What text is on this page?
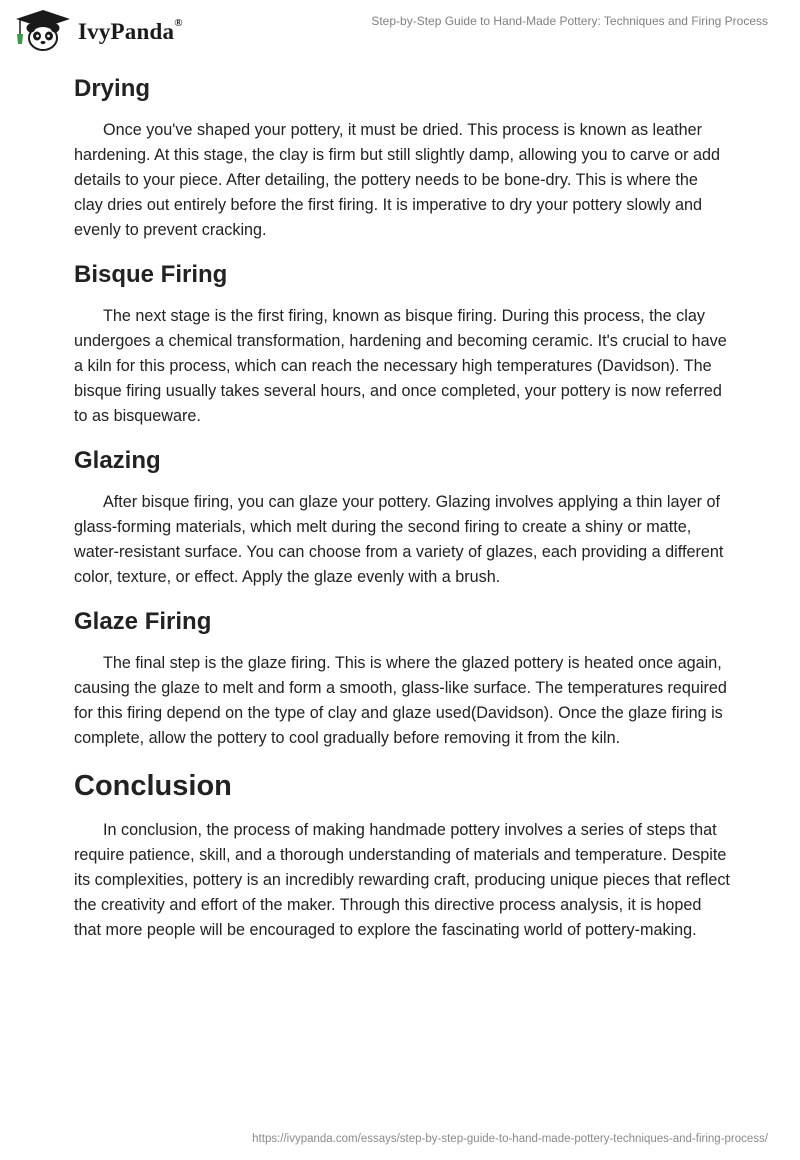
IvyPanda®	Step-by-Step Guide to Hand-Made Pottery: Techniques and Firing Process
Drying

Once you've shaped your pottery, it must be dried. This process is known as leather hardening. At this stage, the clay is firm but still slightly damp, allowing you to carve or add details to your piece. After detailing, the pottery needs to be bone-dry. This is where the clay dries out entirely before the first firing. It is imperative to dry your pottery slowly and evenly to prevent cracking.

Bisque Firing

The next stage is the first firing, known as bisque firing. During this process, the clay undergoes a chemical transformation, hardening and becoming ceramic. It's crucial to have a kiln for this process, which can reach the necessary high temperatures (Davidson). The bisque firing usually takes several hours, and once completed, your pottery is now referred to as bisqueware.

Glazing

After bisque firing, you can glaze your pottery. Glazing involves applying a thin layer of glass-forming materials, which melt during the second firing to create a shiny or matte, water-resistant surface. You can choose from a variety of glazes, each providing a different color, texture, or effect. Apply the glaze evenly with a brush.

Glaze Firing

The final step is the glaze firing. This is where the glazed pottery is heated once again, causing the glaze to melt and form a smooth, glass-like surface. The temperatures required for this firing depend on the type of clay and glaze used(Davidson). Once the glaze firing is complete, allow the pottery to cool gradually before removing it from the kiln.

Conclusion

In conclusion, the process of making handmade pottery involves a series of steps that require patience, skill, and a thorough understanding of materials and temperature. Despite its complexities, pottery is an incredibly rewarding craft, producing unique pieces that reflect the creativity and effort of the maker. Through this directive process analysis, it is hoped that more people will be encouraged to explore the fascinating world of pottery-making.

https://ivypanda.com/essays/step-by-step-guide-to-hand-made-pottery-techniques-and-firing-process/
